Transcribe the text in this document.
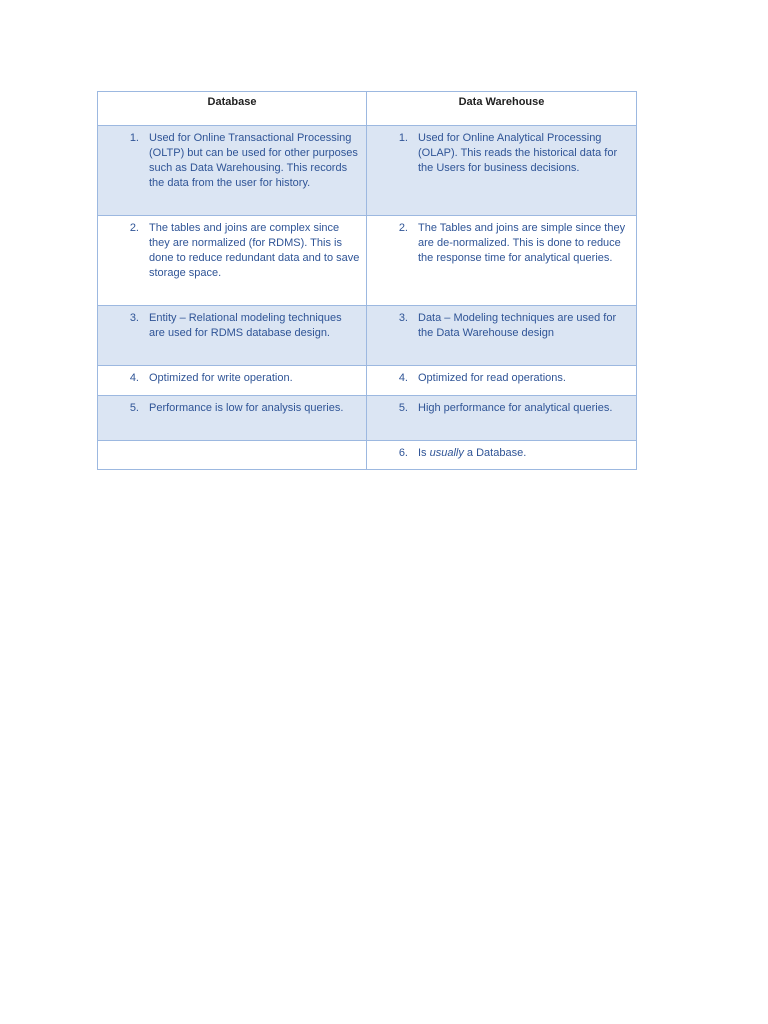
Database	Data Warehouse

1. Used for Online Transactional Processing (OLTP) but can be used for other purposes such as Data Warehousing. This records the data from the user for history.	1. Used for Online Analytical Processing (OLAP). This reads the historical data for the Users for business decisions.

2. The tables and joins are complex since they are normalized (for RDMS). This is done to reduce redundant data and to save storage space.	2. The Tables and joins are simple since they are de-normalized. This is done to reduce the response time for analytical queries.

3. Entity – Relational modeling techniques are used for RDMS database design.	3. Data – Modeling techniques are used for the Data Warehouse design

4. Optimized for write operation.	4. Optimized for read operations.

5. Performance is low for analysis queries.	5. High performance for analytical queries.

	6. Is usually a Database.
